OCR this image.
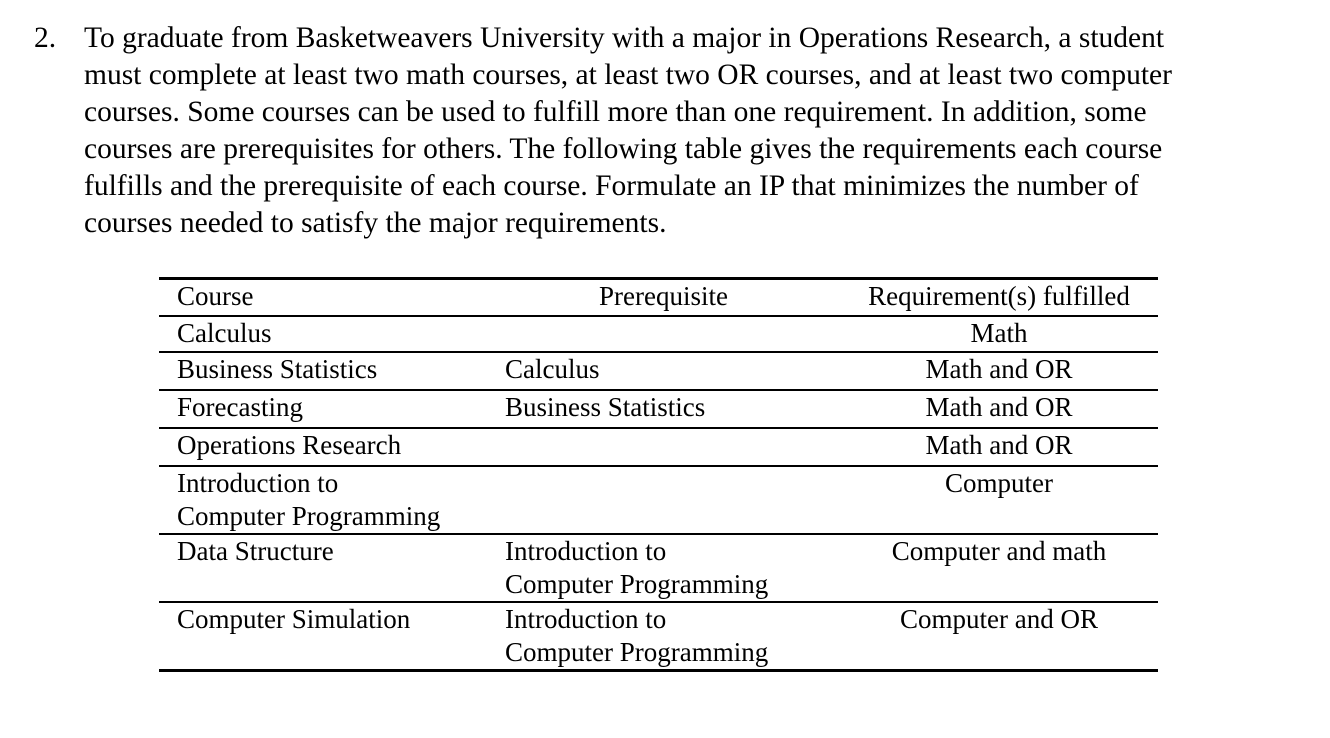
2. To graduate from Basketweavers University with a major in Operations Research, a student
must complete at least two math courses, at least two OR courses, and at least two computer
courses. Some courses can be used to fulfill more than one requirement. In addition, some
courses are prerequisites for others. The following table gives the requirements each course
fulfills and the prerequisite of each course. Formulate an IP that minimizes the number of
courses needed to satisfy the major requirements.
Course	Prerequisite	Requirement(s) fulfilled

Calculus		Math

Business Statistics	Calculus	Math and OR

Forecasting	Business Statistics	Math and OR

Operations Research		Math and OR

Introduction to
Computer Programming		Computer

Data Structure	Introduction to
Computer Programming	Computer and math

Computer Simulation	Introduction to
Computer Programming	Computer and OR
